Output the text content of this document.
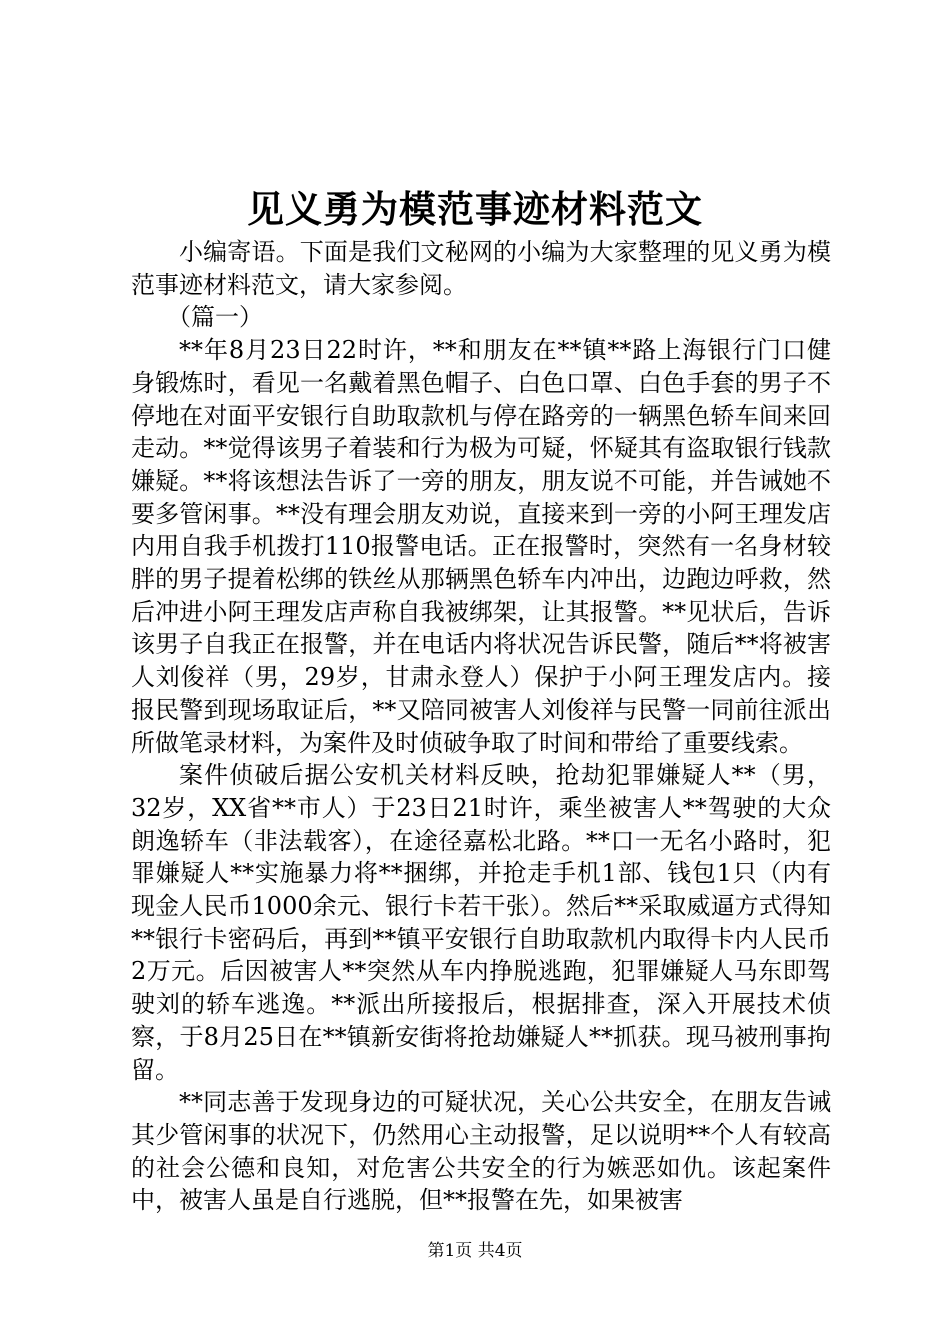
见义勇为模范事迹材料范文

小编寄语。下面是我们文秘网的小编为大家整理的见义勇为模范事迹材料范文，请大家参阅。

（篇一）

**年8月23日22时许，**和朋友在**镇**路上海银行门口健身锻炼时，看见一名戴着黑色帽子、白色口罩、白色手套的男子不停地在对面平安银行自助取款机与停在路旁的一辆黑色轿车间来回走动。**觉得该男子着装和行为极为可疑，怀疑其有盗取银行钱款嫌疑。**将该想法告诉了一旁的朋友，朋友说不可能，并告诫她不要多管闲事。**没有理会朋友劝说，直接来到一旁的小阿王理发店内用自我手机拨打110报警电话。正在报警时，突然有一名身材较胖的男子提着松绑的铁丝从那辆黑色轿车内冲出，边跑边呼救，然后冲进小阿王理发店声称自我被绑架，让其报警。**见状后，告诉该男子自我正在报警，并在电话内将状况告诉民警，随后**将被害人刘俊祥（男，29岁，甘肃永登人）保护于小阿王理发店内。接报民警到现场取证后，**又陪同被害人刘俊祥与民警一同前往派出所做笔录材料，为案件及时侦破争取了时间和带给了重要线索。

案件侦破后据公安机关材料反映，抢劫犯罪嫌疑人**（男，32岁，XX省**市人）于23日21时许，乘坐被害人**驾驶的大众朗逸轿车（非法载客），在途径嘉松北路。**口一无名小路时，犯罪嫌疑人**实施暴力将**捆绑，并抢走手机1部、钱包1只（内有现金人民币1000余元、银行卡若干张）。然后**采取威逼方式得知**银行卡密码后，再到**镇平安银行自助取款机内取得卡内人民币2万元。后因被害人**突然从车内挣脱逃跑，犯罪嫌疑人马东即驾驶刘的轿车逃逸。**派出所接报后，根据排查，深入开展技术侦察，于8月25日在**镇新安街将抢劫嫌疑人**抓获。现马被刑事拘留。

**同志善于发现身边的可疑状况，关心公共安全，在朋友告诫其少管闲事的状况下，仍然用心主动报警，足以说明**个人有较高的社会公德和良知，对危害公共安全的行为嫉恶如仇。该起案件中，被害人虽是自行逃脱，但**报警在先，如果被害

第1页 共4页
